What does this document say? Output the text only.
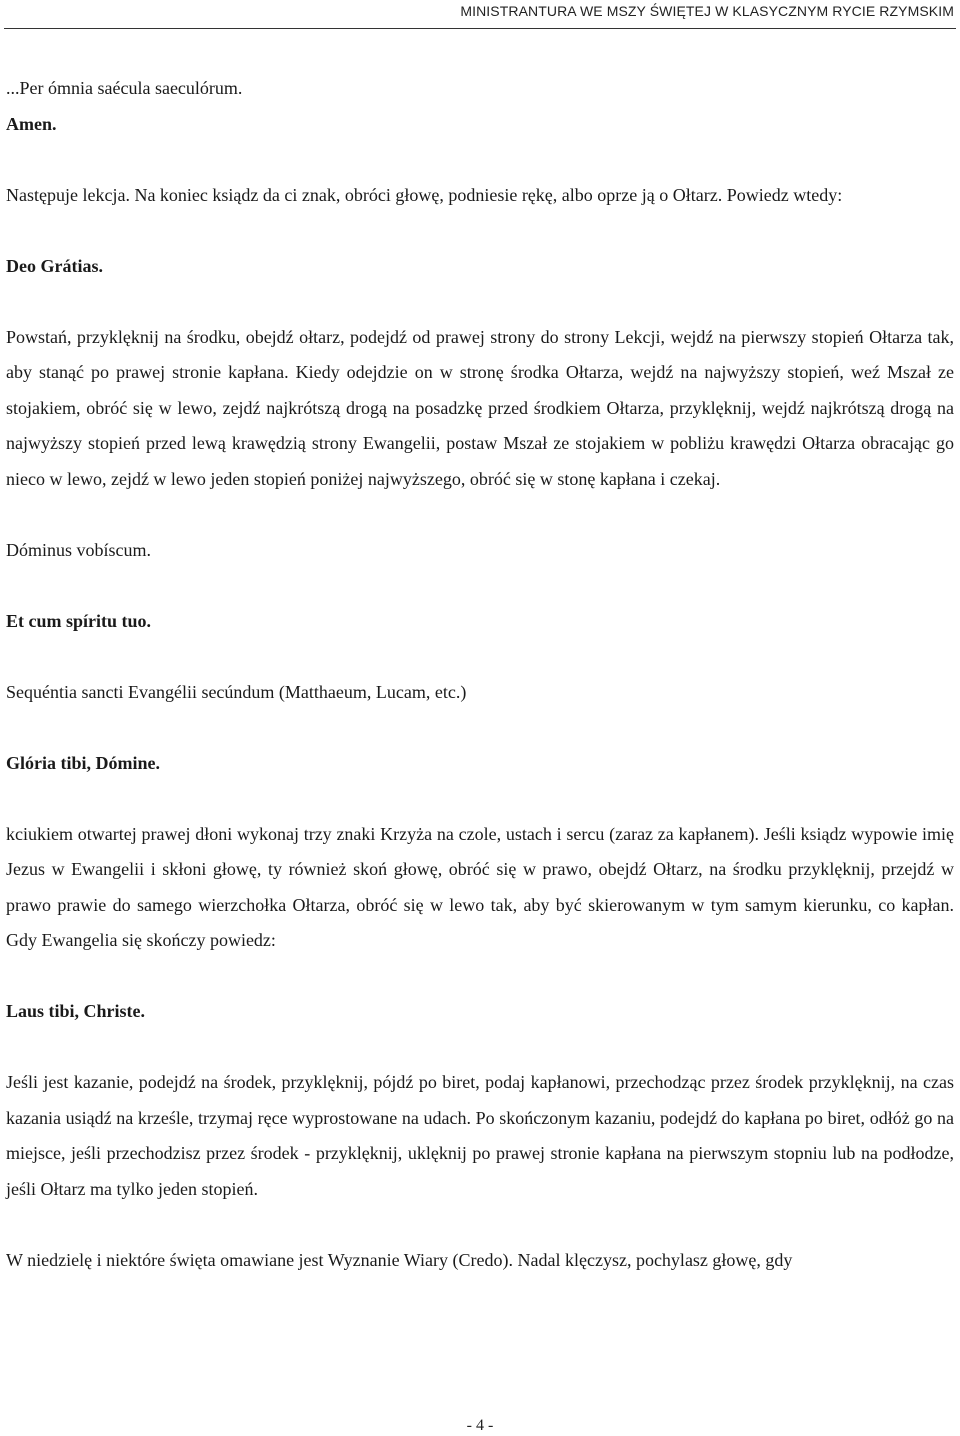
MINISTRANTURA WE MSZY ŚWIĘTEJ W KLASYCZNYM RYCIE RZYMSKIM

...Per ómnia saécula saeculórum.

Amen.

Następuje lekcja. Na koniec ksiądz da ci znak, obróci głowę, podniesie rękę, albo oprze ją o Ołtarz. Powiedz wtedy:

Deo Grátias.

Powstań, przyklęknij na środku, obejdź ołtarz, podejdź od prawej strony do strony Lekcji, wejdź na pierwszy stopień Ołtarza tak, aby stanąć po prawej stronie kapłana. Kiedy odejdzie on w stronę środka Ołtarza, wejdź na najwyższy stopień, weź Mszał ze stojakiem, obróć się w lewo, zejdź najkrótszą drogą na posadzkę przed środkiem Ołtarza, przyklęknij, wejdź najkrótszą drogą na najwyższy stopień przed lewą krawędzią strony Ewangelii, postaw Mszał ze stojakiem w pobliżu krawędzi Ołtarza obracając go nieco w lewo, zejdź w lewo jeden stopień poniżej najwyższego, obróć się w stonę kapłana i czekaj.

Dóminus vobíscum.

Et cum spíritu tuo.

Sequéntia sancti Evangélii secúndum (Matthaeum, Lucam, etc.)

Glória tibi, Dómine.

kciukiem otwartej prawej dłoni wykonaj trzy znaki Krzyża na czole, ustach i sercu (zaraz za kapłanem). Jeśli ksiądz wypowie imię Jezus w Ewangelii i skłoni głowę, ty również skoń głowę, obróć się w prawo, obejdź Ołtarz, na środku przyklęknij, przejdź w prawo prawie do samego wierzchołka Ołtarza, obróć się w lewo tak, aby być skierowanym w tym samym kierunku, co kapłan. Gdy Ewangelia się skończy powiedz:

Laus tibi, Christe.

Jeśli jest kazanie, podejdź na środek, przyklęknij, pójdź po biret, podaj kapłanowi, przechodząc przez środek przyklęknij, na czas kazania usiądź na krześle, trzymaj ręce wyprostowane na udach. Po skończonym kazaniu, podejdź do kapłana po biret, odłóż go na miejsce, jeśli przechodzisz przez środek - przyklęknij, uklęknij po prawej stronie kapłana na pierwszym stopniu lub na podłodze, jeśli Ołtarz ma tylko jeden stopień.

W niedzielę i niektóre święta omawiane jest Wyznanie Wiary (Credo). Nadal klęczysz, pochylasz głowę, gdy

- 4 -
